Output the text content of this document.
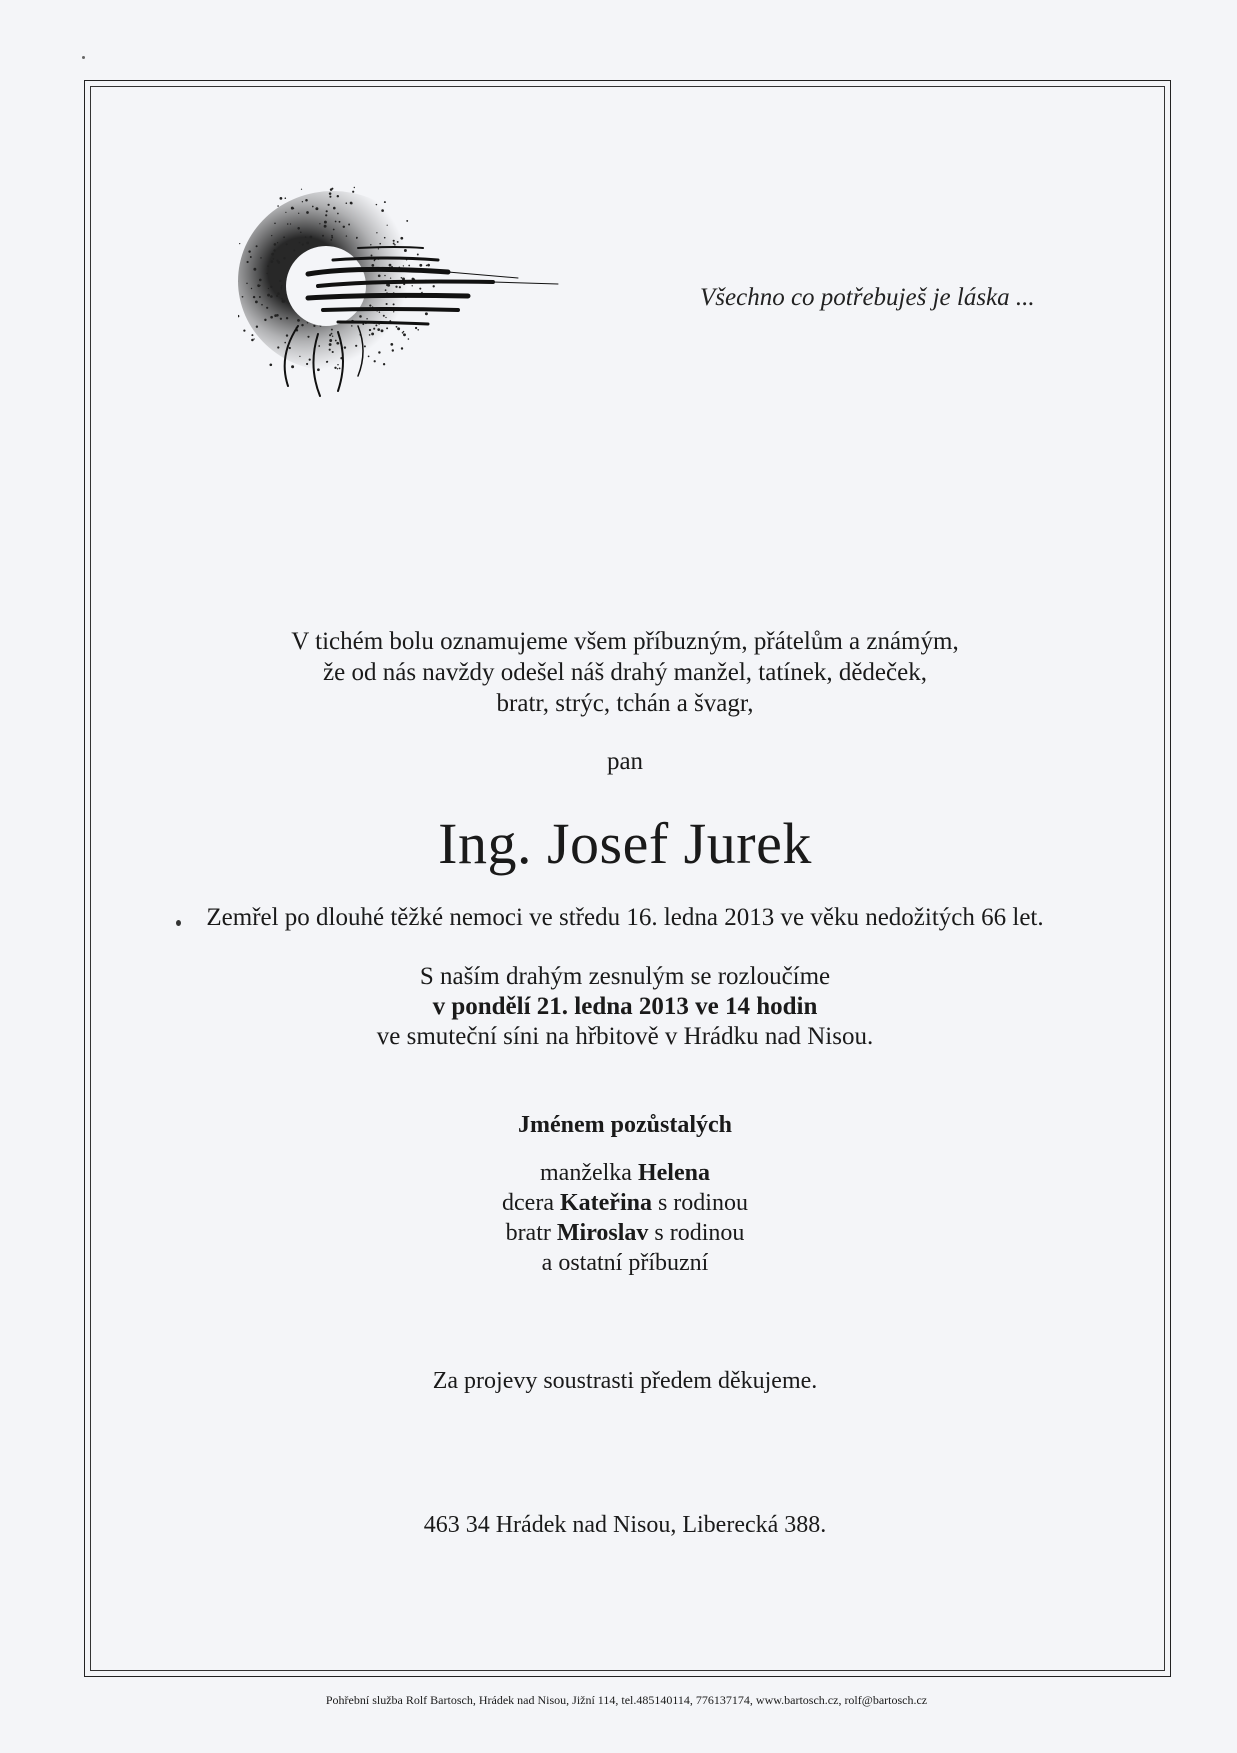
Všechno co potřebuješ je láska ...
V tichém bolu oznamujeme všem příbuzným, přátelům a známým,
že od nás navždy odešel náš drahý manžel, tatínek, dědeček,
bratr, strýc, tchán a švagr,
pan
Ing. Josef Jurek
Zemřel po dlouhé těžké nemoci ve středu 16. ledna 2013 ve věku nedožitých 66 let.
S naším drahým zesnulým se rozloučíme
v pondělí 21. ledna 2013 ve 14 hodin
ve smuteční síni na hřbitově v Hrádku nad Nisou.
Jménem pozůstalých
manželka Helena
dcera Kateřina s rodinou
bratr Miroslav s rodinou
a ostatní příbuzní
Za projevy soustrasti předem děkujeme.
463 34 Hrádek nad Nisou, Liberecká 388.
Pohřební služba Rolf Bartosch, Hrádek nad Nisou, Jižní 114, tel.485140114, 776137174, www.bartosch.cz, rolf@bartosch.cz
